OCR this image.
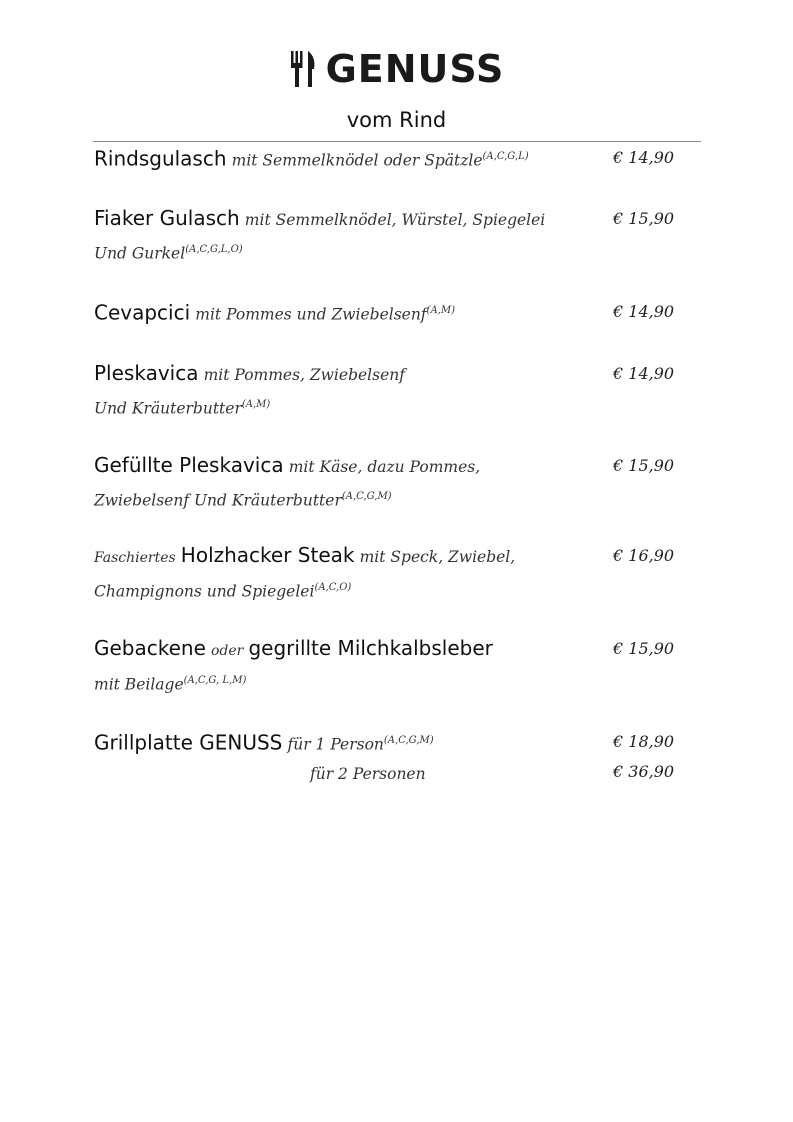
GENUSS
vom Rind
Rindsgulasch mit Semmelknödel oder Spätzle$^{(A,C,G,L)}$	€ 14,90
Fiaker Gulasch mit Semmelknödel, Würstel, Spiegelei
Und Gurkel$^{(A,C,G,L,O)}$
€ 15,90
Cevapcici mit Pommes und Zwiebelsenf$^{(A,M)}$	€ 14,90
Pleskavica mit Pommes, Zwiebelsenf
Und Kräuterbutter$^{(A,M)}$
€ 14,90
Gefüllte Pleskavica mit Käse, dazu Pommes,
Zwiebelsenf Und Kräuterbutter$^{(A,C,G,M)}$
€ 15,90
Faschiertes Holzhacker Steak mit Speck, Zwiebel,
Champignons und Spiegelei$^{(A,C,O)}$
€ 16,90
Gebackene oder gegrillte Milchkalbsleber
mit Beilage$^{(A,C,G, L,M)}$
€ 15,90
Grillplatte GENUSS für 1 Person$^{(A,C,G,M)}$
für 2 Personen
€ 18,90
€ 36,90
